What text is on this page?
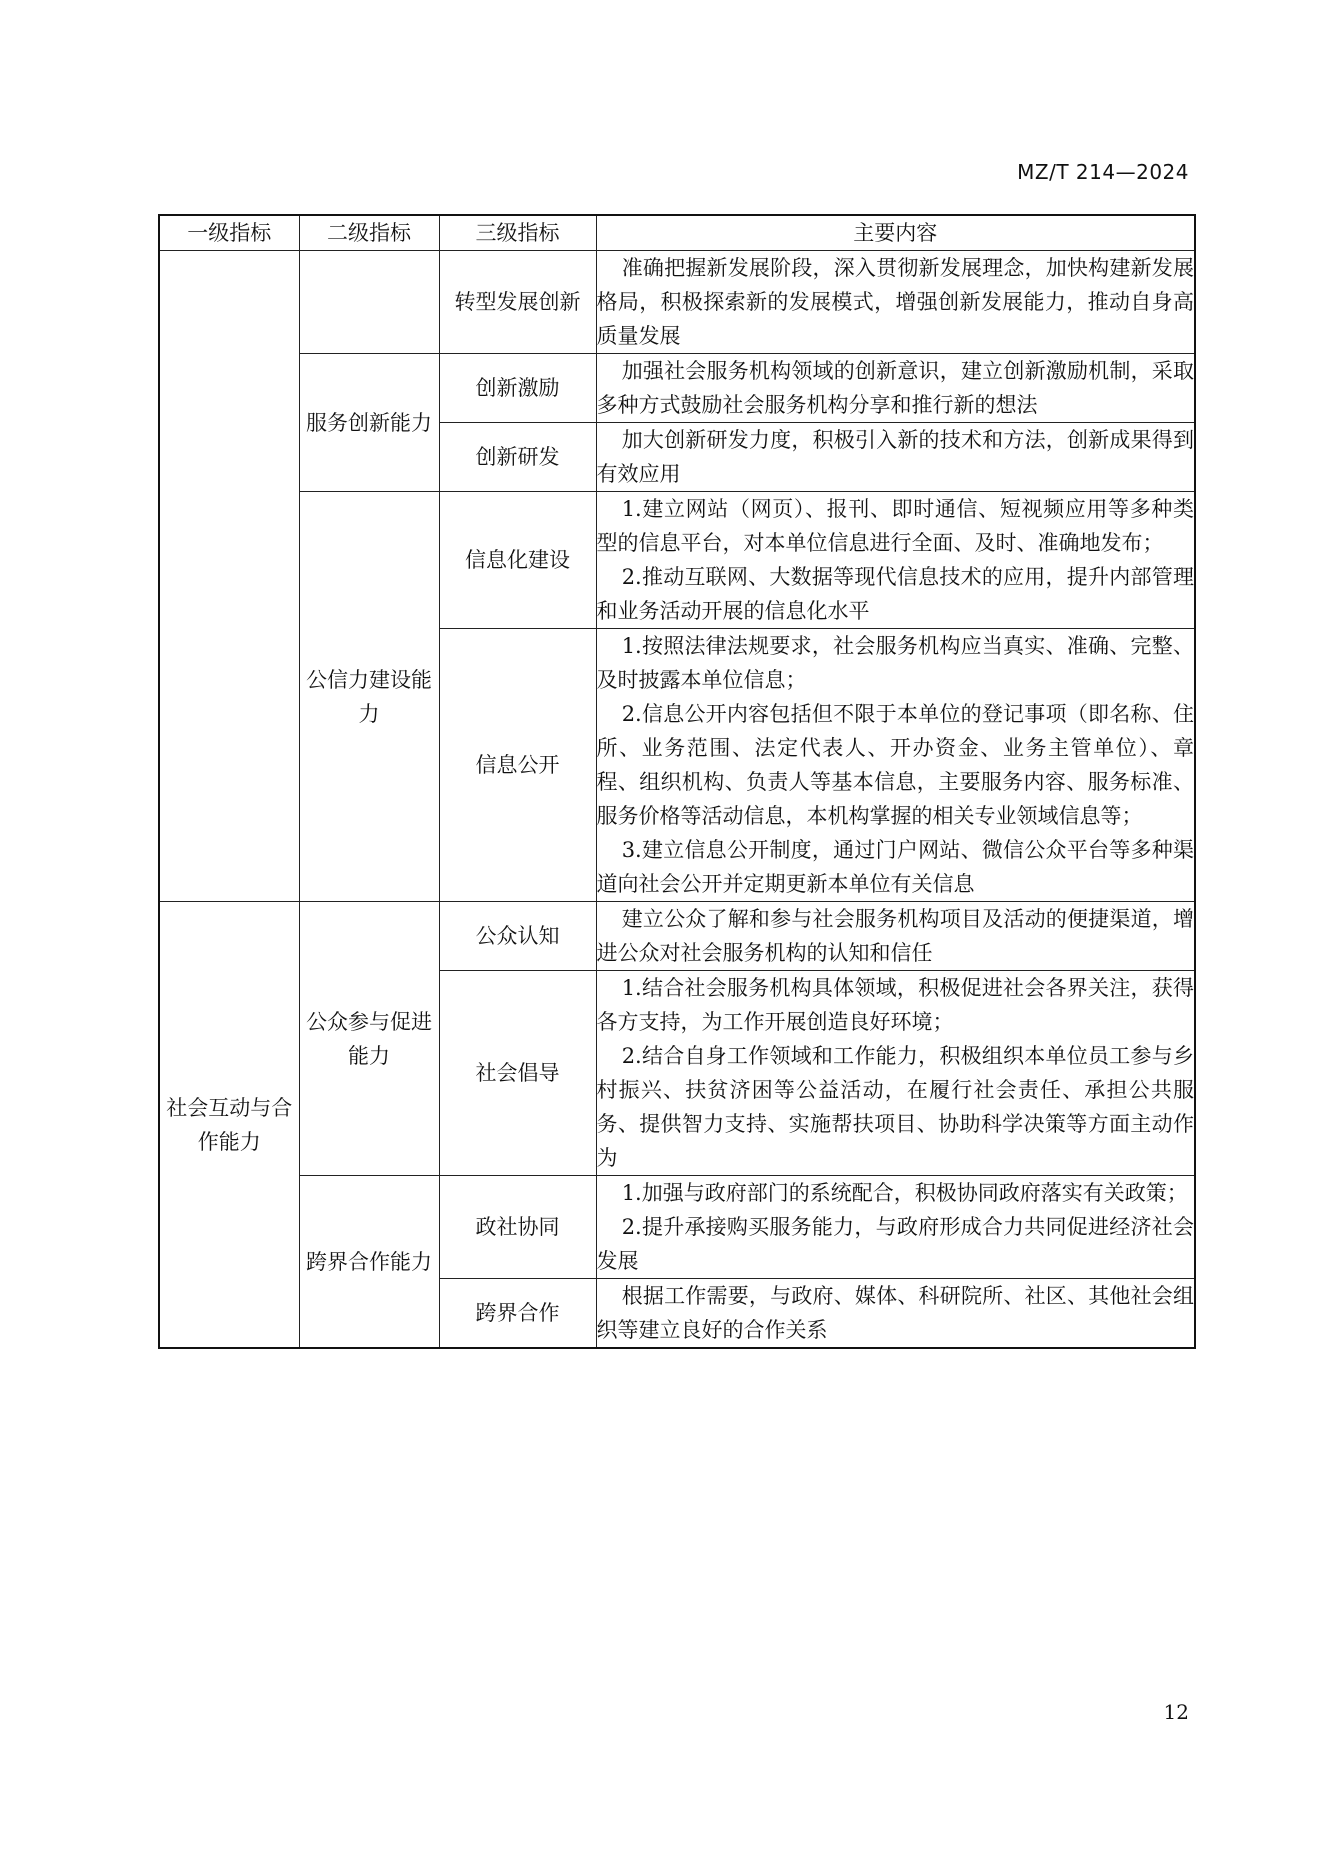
MZ/T 214—2024
一级指标	二级指标	三级指标	主要内容
		转型发展创新	准确把握新发展阶段，深入贯彻新发展理念，加快构建新发展格局，积极探索新的发展模式，增强创新发展能力，推动自身高质量发展

	服务创新能力	创新激励	加强社会服务机构领域的创新意识，建立创新激励机制，采取多种方式鼓励社会服务机构分享和推行新的想法

		创新研发	加大创新研发力度，积极引入新的技术和方法，创新成果得到有效应用

	公信力建设能力	信息化建设	1.建立网站（网页）、报刊、即时通信、短视频应用等多种类型的信息平台，对本单位信息进行全面、及时、准确地发布；
2.推动互联网、大数据等现代信息技术的应用，提升内部管理和业务活动开展的信息化水平

		信息公开	1.按照法律法规要求，社会服务机构应当真实、准确、完整、及时披露本单位信息；
2.信息公开内容包括但不限于本单位的登记事项（即名称、住所、业务范围、法定代表人、开办资金、业务主管单位）、章程、组织机构、负责人等基本信息，主要服务内容、服务标准、服务价格等活动信息，本机构掌握的相关专业领域信息等；
3.建立信息公开制度，通过门户网站、微信公众平台等多种渠道向社会公开并定期更新本单位有关信息

社会互动与合作能力	公众参与促进能力	公众认知	建立公众了解和参与社会服务机构项目及活动的便捷渠道，增进公众对社会服务机构的认知和信任

		社会倡导	1.结合社会服务机构具体领域，积极促进社会各界关注，获得各方支持，为工作开展创造良好环境；
2.结合自身工作领域和工作能力，积极组织本单位员工参与乡村振兴、扶贫济困等公益活动，在履行社会责任、承担公共服务、提供智力支持、实施帮扶项目、协助科学决策等方面主动作为

	跨界合作能力	政社协同	1.加强与政府部门的系统配合，积极协同政府落实有关政策；
2.提升承接购买服务能力，与政府形成合力共同促进经济社会发展

		跨界合作	根据工作需要，与政府、媒体、科研院所、社区、其他社会组织等建立良好的合作关系
12
